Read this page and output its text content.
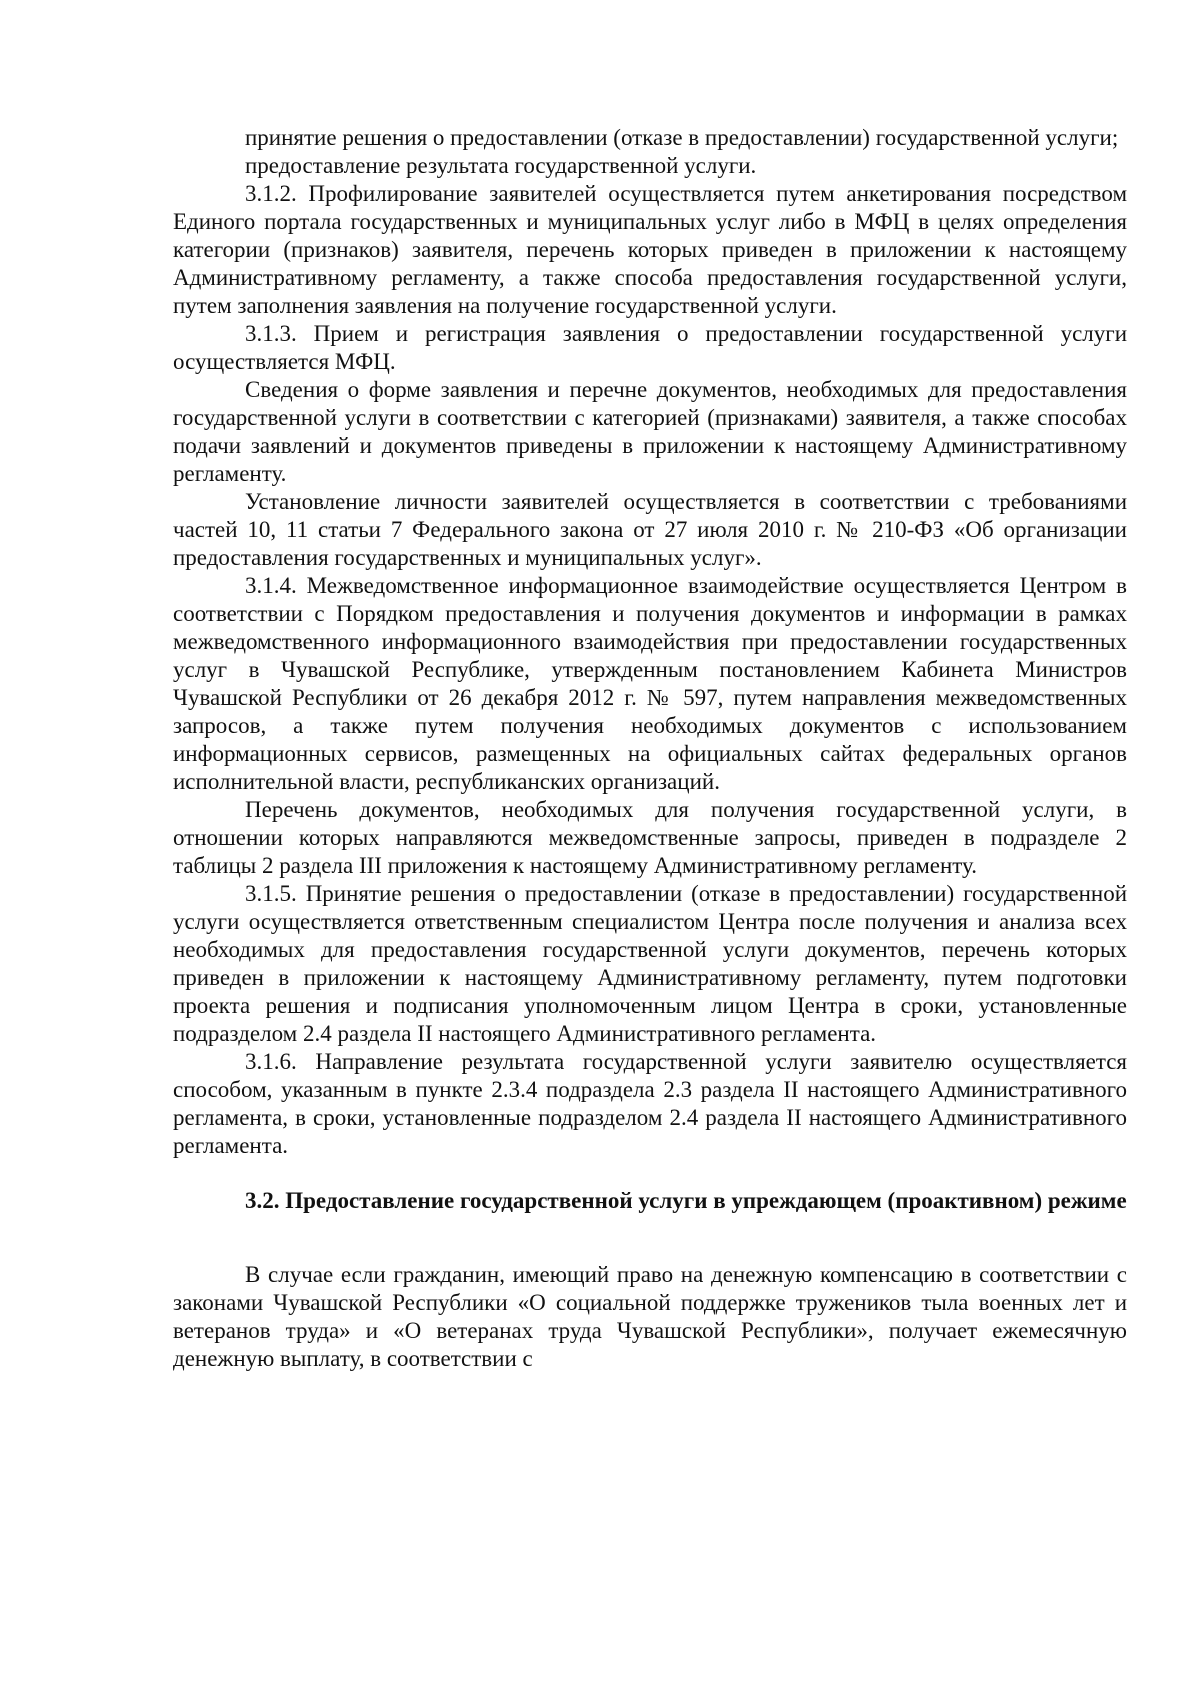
принятие решения о предоставлении (отказе в предоставлении) государственной услуги;

предоставление результата государственной услуги.

3.1.2. Профилирование заявителей осуществляется путем анкетирования посредством Единого портала государственных и муниципальных услуг либо в МФЦ в целях определения категории (признаков) заявителя, перечень которых приведен в приложении к настоящему Административному регламенту, а также способа предоставления государственной услуги, путем заполнения заявления на получение государственной услуги.

3.1.3. Прием и регистрация заявления о предоставлении государственной услуги осуществляется МФЦ.

Сведения о форме заявления и перечне документов, необходимых для предоставления государственной услуги в соответствии с категорией (признаками) заявителя, а также способах подачи заявлений и документов приведены в приложении к настоящему Административному регламенту.

Установление личности заявителей осуществляется в соответствии с требованиями частей 10, 11 статьи 7 Федерального закона от 27 июля 2010 г. № 210-ФЗ «Об организации предоставления государственных и муниципальных услуг».

3.1.4. Межведомственное информационное взаимодействие осуществляется Центром в соответствии с Порядком предоставления и получения документов и информации в рамках межведомственного информационного взаимодействия при предоставлении государственных услуг в Чувашской Республике, утвержденным постановлением Кабинета Министров Чувашской Республики от 26 декабря 2012 г. № 597, путем направления межведомственных запросов, а также путем получения необходимых документов с использованием информационных сервисов, размещенных на официальных сайтах федеральных органов исполнительной власти, республиканских организаций.

Перечень документов, необходимых для получения государственной услуги, в отношении которых направляются межведомственные запросы, приведен в подразделе 2 таблицы 2 раздела III приложения к настоящему Административному регламенту.

3.1.5. Принятие решения о предоставлении (отказе в предоставлении) государственной услуги осуществляется ответственным специалистом Центра после получения и анализа всех необходимых для предоставления государственной услуги документов, перечень которых приведен в приложении к настоящему Административному регламенту, путем подготовки проекта решения и подписания уполномоченным лицом Центра в сроки, установленные подразделом 2.4 раздела II настоящего Административного регламента.

3.1.6. Направление результата государственной услуги заявителю осуществляется способом, указанным в пункте 2.3.4 подраздела 2.3 раздела II настоящего Административного регламента, в сроки, установленные подразделом 2.4 раздела II настоящего Административного регламента.

3.2. Предоставление государственной услуги в упреждающем (проактивном) режиме

В случае если гражданин, имеющий право на денежную компенсацию в соответствии с законами Чувашской Республики «О социальной поддержке тружеников тыла военных лет и ветеранов труда» и «О ветеранах труда Чувашской Республики», получает ежемесячную денежную выплату, в соответствии с
